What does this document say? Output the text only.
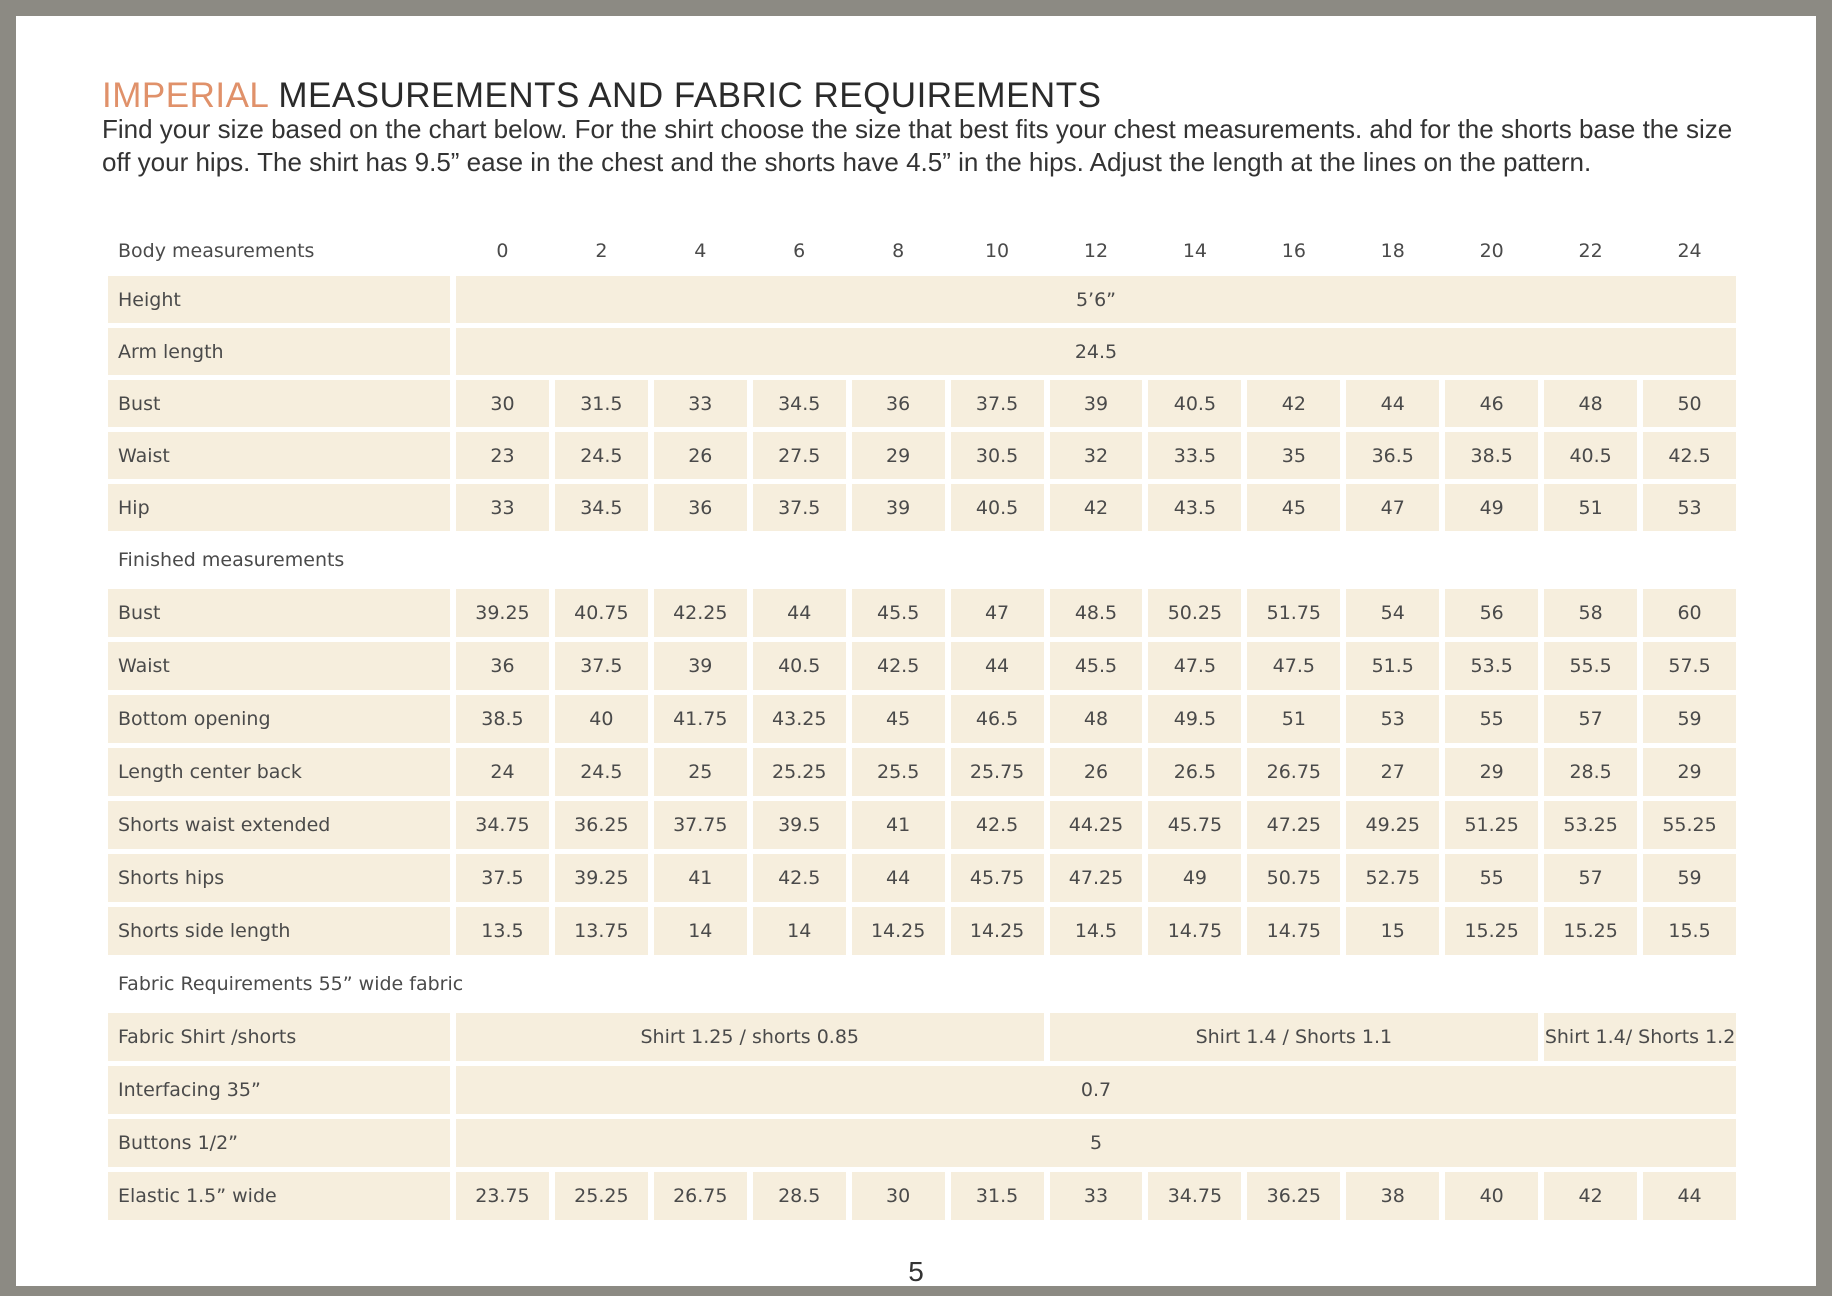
IMPERIAL MEASUREMENTS AND FABRIC REQUIREMENTS
Find your size based on the chart below. For the shirt choose the size that best fits your chest measurements. ahd for the shorts base the size off your hips. The shirt has 9.5” ease in the chest and the shorts have 4.5” in the hips. Adjust the length at the lines on the pattern.
Body measurements	0	2	4	6	8	10	12	14	16	18	20	22	24
Height	5’6”												
Arm length	24.5												
Bust	30	31.5	33	34.5	36	37.5	39	40.5	42	44	46	48	50
Waist	23	24.5	26	27.5	29	30.5	32	33.5	35	36.5	38.5	40.5	42.5
Hip	33	34.5	36	37.5	39	40.5	42	43.5	45	47	49	51	53
Finished measurements													
Bust	39.25	40.75	42.25	44	45.5	47	48.5	50.25	51.75	54	56	58	60
Waist	36	37.5	39	40.5	42.5	44	45.5	47.5	47.5	51.5	53.5	55.5	57.5
Bottom opening	38.5	40	41.75	43.25	45	46.5	48	49.5	51	53	55	57	59
Length center back	24	24.5	25	25.25	25.5	25.75	26	26.5	26.75	27	29	28.5	29
Shorts waist extended	34.75	36.25	37.75	39.5	41	42.5	44.25	45.75	47.25	49.25	51.25	53.25	55.25
Shorts hips	37.5	39.25	41	42.5	44	45.75	47.25	49	50.75	52.75	55	57	59
Shorts side length	13.5	13.75	14	14	14.25	14.25	14.5	14.75	14.75	15	15.25	15.25	15.5
Fabric Requirements 55” wide fabric													
Fabric Shirt /shorts	Shirt 1.25 / shorts 0.85						Shirt 1.4 / Shorts 1.1					Shirt 1.4/ Shorts 1.2	
Interfacing 35”	0.7												
Buttons 1/2”	5												
Elastic 1.5” wide	23.75	25.25	26.75	28.5	30	31.5	33	34.75	36.25	38	40	42	44
5
